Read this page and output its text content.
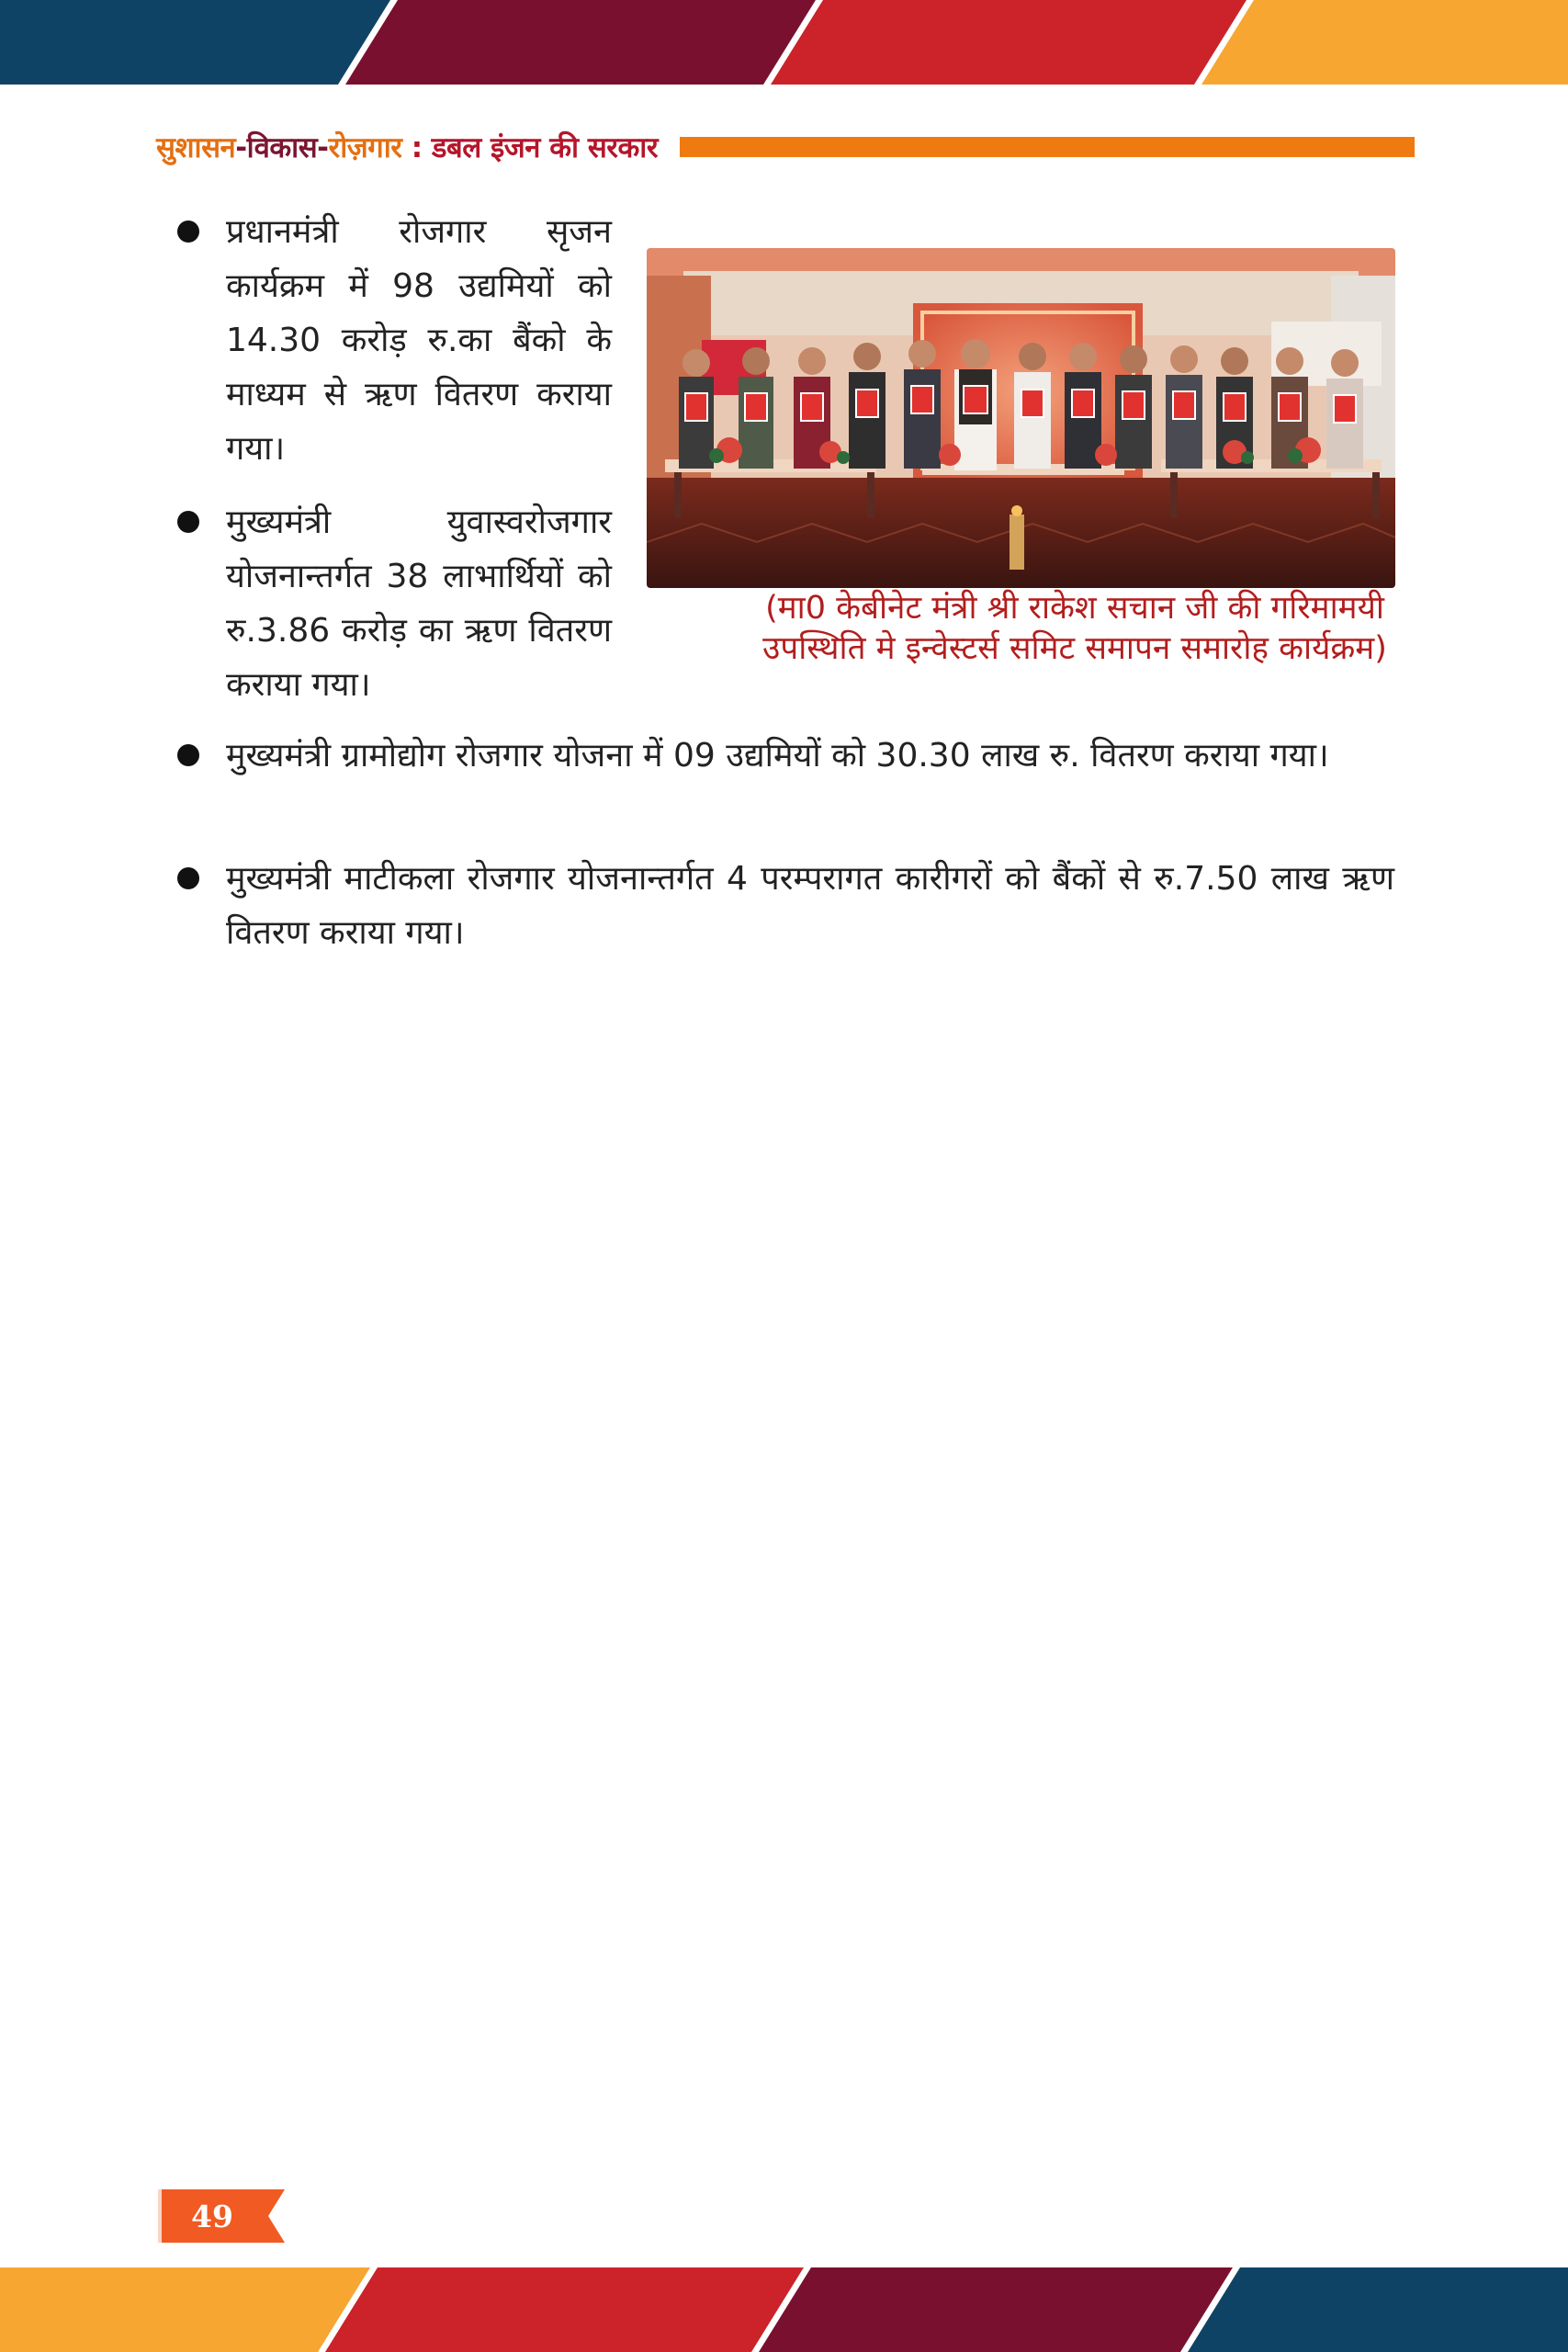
सुशासन-विकास-रोज़गार : डबल इंजन की सरकार
प्रधानमंत्री रोजगार सृजन कार्यक्रम में 98 उद्यमियों को 14.30 करोड़ रु.का बैंको के माध्यम से ऋण वितरण कराया गया।
मुख्यमंत्री युवास्वरोजगार योजनान्तर्गत 38 लाभार्थियों को रु.3.86 करोड़ का ऋण वितरण कराया गया।
(मा0 केबीनेट मंत्री श्री राकेश सचान जी की गरिमामयी उपस्थिति मे इन्वेस्टर्स समिट समापन समारोह कार्यक्रम)
मुख्यमंत्री ग्रामोद्योग रोजगार योजना में 09 उद्यमियों को 30.30 लाख रु. वितरण कराया गया।
मुख्यमंत्री माटीकला रोजगार योजनान्तर्गत 4 परम्परागत कारीगरों को बैंकों से रु.7.50 लाख ऋण वितरण कराया गया।
49
